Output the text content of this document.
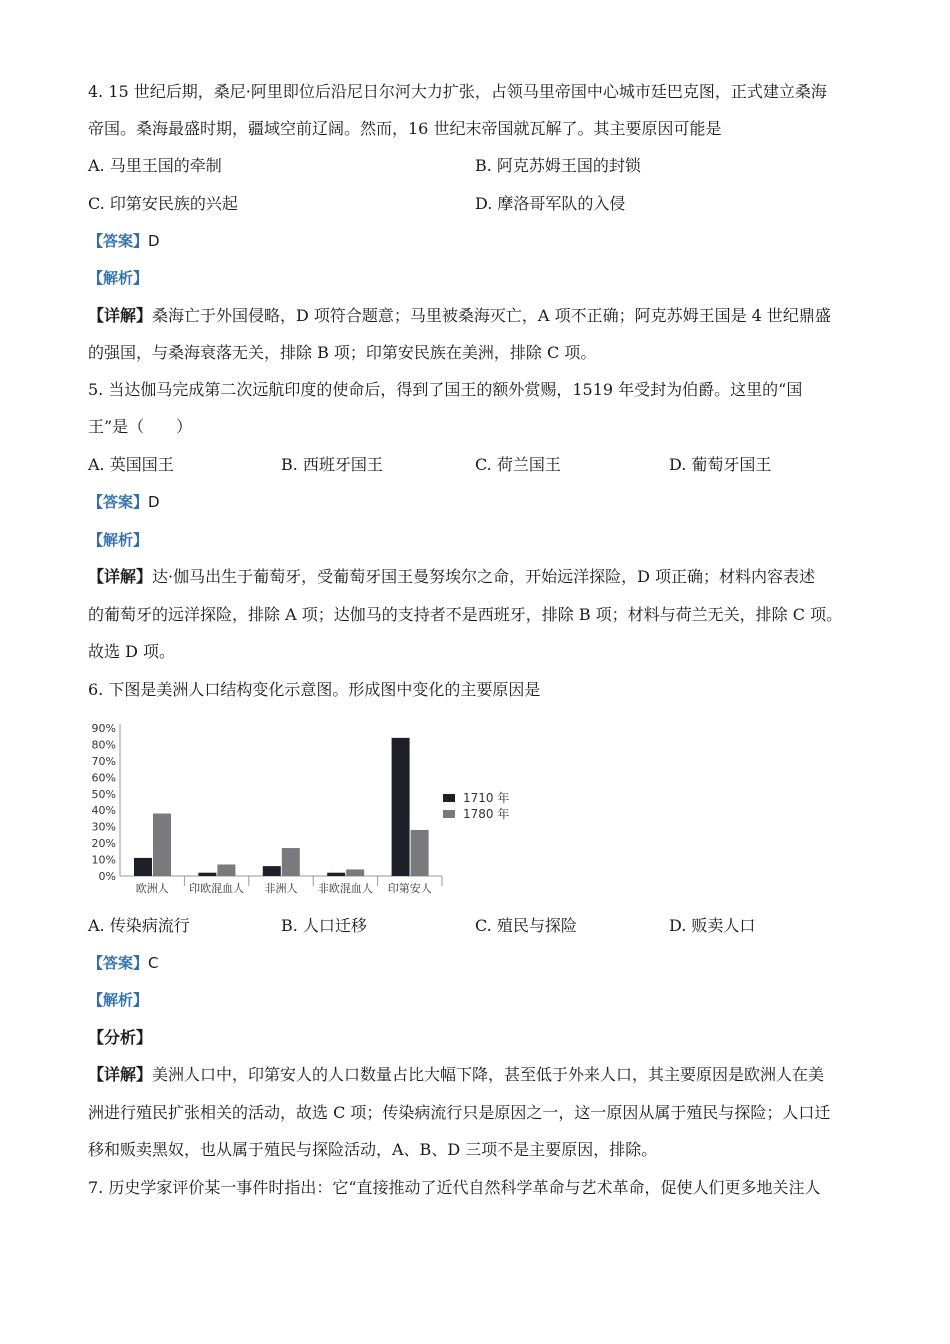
4. 15 世纪后期，桑尼·阿里即位后沿尼日尔河大力扩张，占领马里帝国中心城市廷巴克图，正式建立桑海
帝国。桑海最盛时期，疆域空前辽阔。然而，16 世纪末帝国就瓦解了。其主要原因可能是
A. 马里王国的牵制	B. 阿克苏姆王国的封锁
C. 印第安民族的兴起	D. 摩洛哥军队的入侵
【答案】D
【解析】
【详解】桑海亡于外国侵略，D 项符合题意；马里被桑海灭亡，A 项不正确；阿克苏姆王国是 4 世纪鼎盛
的强国，与桑海衰落无关，排除 B 项；印第安民族在美洲，排除 C 项。
5. 当达伽马完成第二次远航印度的使命后，得到了国王的额外赏赐，1519 年受封为伯爵。这里的“国
王”是（　　）
A. 英国国王	B. 西班牙国王	C. 荷兰国王	D. 葡萄牙国王
【答案】D
【解析】
【详解】达·伽马出生于葡萄牙，受葡萄牙国王曼努埃尔之命，开始远洋探险，D 项正确；材料内容表述
的葡萄牙的远洋探险，排除 A 项；达伽马的支持者不是西班牙，排除 B 项；材料与荷兰无关，排除 C 项。
故选 D 项。
6. 下图是美洲人口结构变化示意图。形成图中变化的主要原因是
0%
10%
20%
30%
40%
50%
60%
70%
80%
90%
欧洲人 印欧混血人 非洲人 非欧混血人 印第安人
1710 年
1780 年
A. 传染病流行	B. 人口迁移	C. 殖民与探险	D. 贩卖人口
【答案】C
【解析】
【分析】
【详解】美洲人口中，印第安人的人口数量占比大幅下降，甚至低于外来人口，其主要原因是欧洲人在美
洲进行殖民扩张相关的活动，故选 C 项；传染病流行只是原因之一，这一原因从属于殖民与探险；人口迁
移和贩卖黑奴，也从属于殖民与探险活动，A、B、D 三项不是主要原因，排除。
7. 历史学家评价某一事件时指出：它“直接推动了近代自然科学革命与艺术革命，促使人们更多地关注人
